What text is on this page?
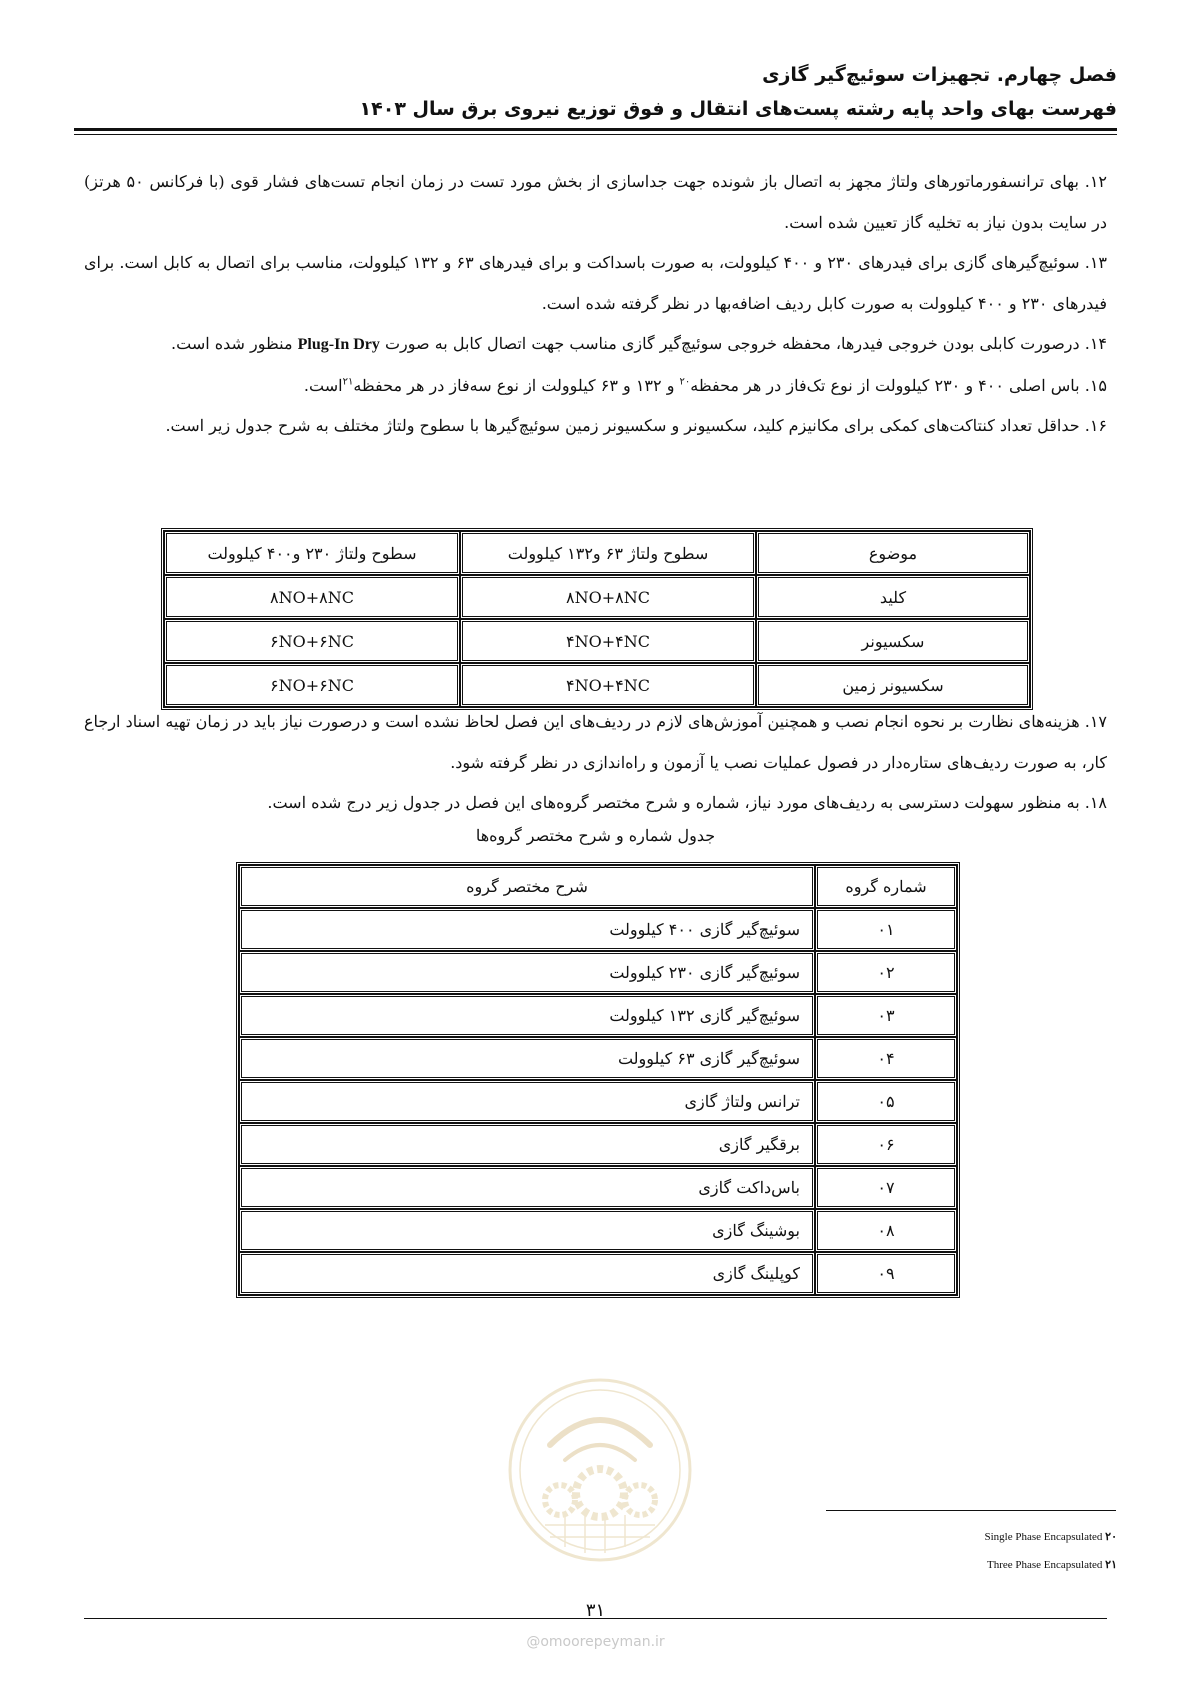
فصل چهارم. تجهیزات سوئیچ‌گیر گازی
فهرست بهای واحد پایه رشته پست‌های انتقال و فوق توزیع نیروی برق سال ۱۴۰۳

۱۲. بهای ترانسفورماتورهای ولتاژ مجهز به اتصال باز شونده جهت جداسازی از بخش مورد تست در زمان انجام تست‌های فشار قوی (با فرکانس ۵۰ هرتز) در سایت بدون نیاز به تخلیه گاز تعیین شده است.

۱۳. سوئیچ‌گیرهای گازی برای فیدرهای ۲۳۰ و ۴۰۰ کیلوولت، به صورت باسداکت و برای فیدرهای ۶۳ و ۱۳۲ کیلوولت، مناسب برای اتصال به کابل است. برای فیدرهای ۲۳۰ و ۴۰۰ کیلوولت به صورت کابل ردیف اضافه‌بها در نظر گرفته شده است.

۱۴. درصورت کابلی بودن خروجی فیدرها، محفظه خروجی سوئیچ‌گیر گازی مناسب جهت اتصال کابل به صورت Plug-In Dry منظور شده است.

۱۵. باس اصلی ۴۰۰ و ۲۳۰ کیلوولت از نوع تک‌فاز در هر محفظه$^{۲۰}$ و ۱۳۲ و ۶۳ کیلوولت از نوع سه‌فاز در هر محفظه$^{۲۱}$است.

۱۶. حداقل تعداد کنتاکت‌های کمکی برای مکانیزم کلید، سکسیونر و سکسیونر زمین سوئیچ‌گیرها با سطوح ولتاژ مختلف به شرح جدول زیر است.

موضوع	سطوح ولتاژ ۶۳ و۱۳۲ کیلوولت	سطوح ولتاژ ۲۳۰ و۴۰۰ کیلوولت
کلید	۸NO+۸NC	۸NO+۸NC
سکسیونر	۴NO+۴NC	۶NO+۶NC
سکسیونر زمین	۴NO+۴NC	۶NO+۶NC

۱۷. هزینه‌های نظارت بر نحوه انجام نصب و همچنین آموزش‌های لازم در ردیف‌های این فصل لحاظ نشده است و درصورت نیاز باید در زمان تهیه اسناد ارجاع کار، به صورت ردیف‌های ستاره‌دار در فصول عملیات نصب یا آزمون و راه‌اندازی در نظر گرفته شود.

۱۸. به منظور سهولت دسترسی به ردیف‌های مورد نیاز، شماره و شرح مختصر گروه‌های این فصل در جدول زیر درج شده است.

جدول شماره و شرح مختصر گروه‌ها
شماره گروه	شرح مختصر گروه
۰۱	سوئیچ‌گیر گازی ۴۰۰ کیلوولت
۰۲	سوئیچ‌گیر گازی ۲۳۰ کیلوولت
۰۳	سوئیچ‌گیر گازی ۱۳۲ کیلوولت
۰۴	سوئیچ‌گیر گازی ۶۳ کیلوولت
۰۵	ترانس ولتاژ گازی
۰۶	برقگیر گازی
۰۷	باس‌داکت گازی
۰۸	بوشینگ گازی
۰۹	کوپلینگ گازی
۲۰ Single Phase Encapsulated
۲۱ Three Phase Encapsulated
۳۱
@omoorepeyman.ir
